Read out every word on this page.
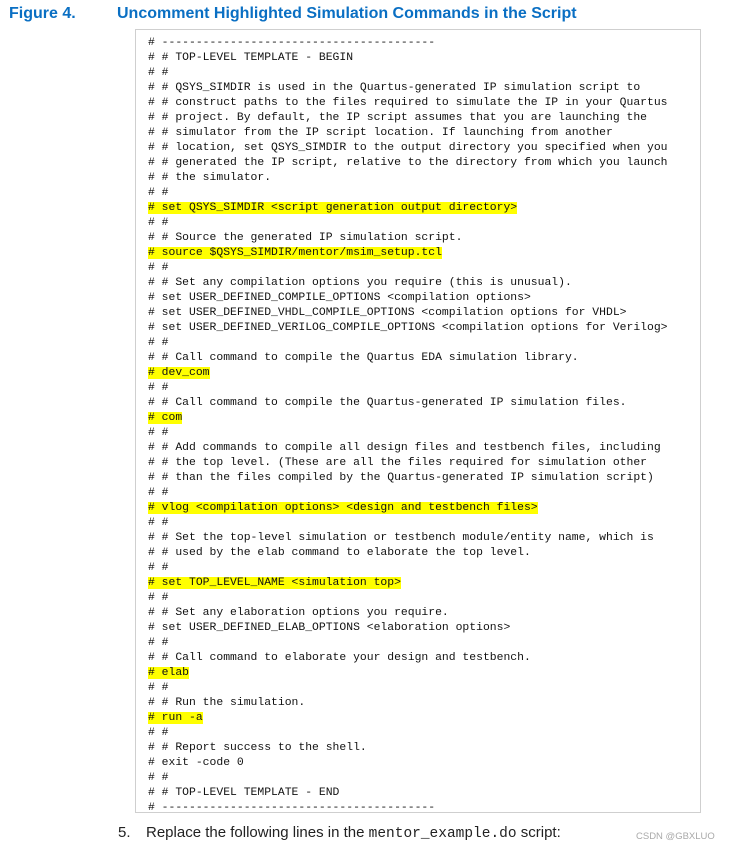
Figure 4.	Uncomment Highlighted Simulation Commands in the Script
# ----------------------------------------
# # TOP-LEVEL TEMPLATE - BEGIN
# #
# # QSYS_SIMDIR is used in the Quartus-generated IP simulation script to
# # construct paths to the files required to simulate the IP in your Quartus
# # project. By default, the IP script assumes that you are launching the
# # simulator from the IP script location. If launching from another
# # location, set QSYS_SIMDIR to the output directory you specified when you
# # generated the IP script, relative to the directory from which you launch
# # the simulator.
# #
# set QSYS_SIMDIR <script generation output directory>
# #
# # Source the generated IP simulation script.
# source $QSYS_SIMDIR/mentor/msim_setup.tcl
# #
# # Set any compilation options you require (this is unusual).
# set USER_DEFINED_COMPILE_OPTIONS <compilation options>
# set USER_DEFINED_VHDL_COMPILE_OPTIONS <compilation options for VHDL>
# set USER_DEFINED_VERILOG_COMPILE_OPTIONS <compilation options for Verilog>
# #
# # Call command to compile the Quartus EDA simulation library.
# dev_com
# #
# # Call command to compile the Quartus-generated IP simulation files.
# com
# #
# # Add commands to compile all design files and testbench files, including
# # the top level. (These are all the files required for simulation other
# # than the files compiled by the Quartus-generated IP simulation script)
# #
# vlog <compilation options> <design and testbench files>
# #
# # Set the top-level simulation or testbench module/entity name, which is
# # used by the elab command to elaborate the top level.
# #
# set TOP_LEVEL_NAME <simulation top>
# #
# # Set any elaboration options you require.
# set USER_DEFINED_ELAB_OPTIONS <elaboration options>
# #
# # Call command to elaborate your design and testbench.
# elab
# #
# # Run the simulation.
# run -a
# #
# # Report success to the shell.
# exit -code 0
# #
# # TOP-LEVEL TEMPLATE - END
# ----------------------------------------
5. Replace the following lines in the mentor_example.do script:	CSDN @GBXLUO
